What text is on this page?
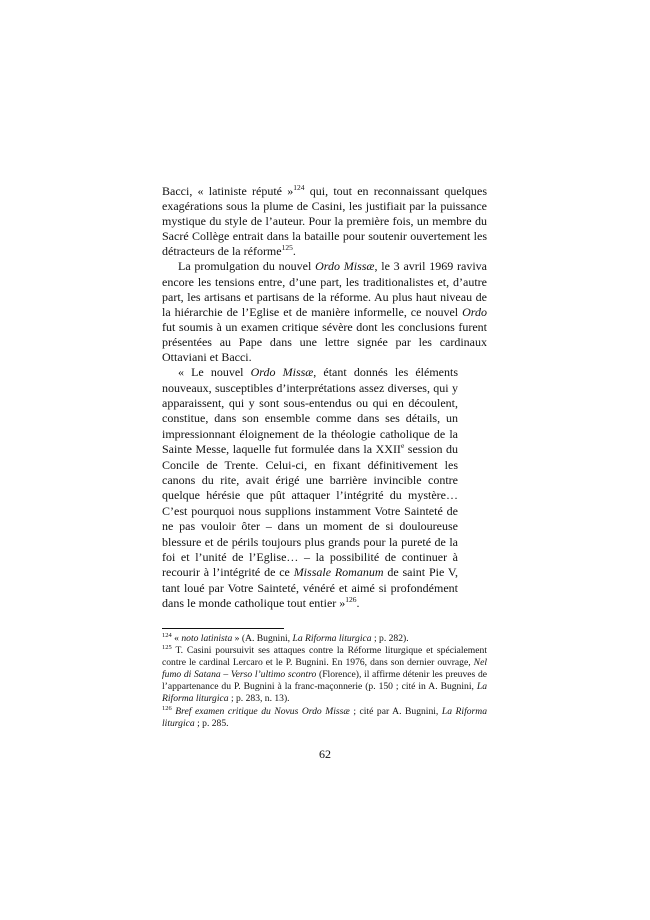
Bacci, « latiniste réputé »$^{124}$ qui, tout en reconnaissant quelques exagérations sous la plume de Casini, les justifiait par la puissance mystique du style de l’auteur. Pour la première fois, un membre du Sacré Collège entrait dans la bataille pour soutenir ouvertement les détracteurs de la réforme$^{125}$.

La promulgation du nouvel Ordo Missæ, le 3 avril 1969 raviva encore les tensions entre, d’une part, les traditionalistes et, d’autre part, les artisans et partisans de la réforme. Au plus haut niveau de la hiérarchie de l’Eglise et de manière informelle, ce nouvel Ordo fut soumis à un examen critique sévère dont les conclusions furent présentées au Pape dans une lettre signée par les cardinaux Ottaviani et Bacci.

« Le nouvel Ordo Missæ, étant donnés les éléments nouveaux, susceptibles d’interprétations assez diverses, qui y apparaissent, qui y sont sous-entendus ou qui en découlent, constitue, dans son ensemble comme dans ses détails, un impressionnant éloignement de la théologie catholique de la Sainte Messe, laquelle fut formulée dans la XXIIe session du Concile de Trente. Celui-ci, en fixant définitivement les canons du rite, avait érigé une barrière invincible contre quelque hérésie que pût attaquer l’intégrité du mystère… C’est pourquoi nous supplions instamment Votre Sainteté de ne pas vouloir ôter – dans un moment de si douloureuse blessure et de périls toujours plus grands pour la pureté de la foi et l’unité de l’Eglise… – la possibilité de continuer à recourir à l’intégrité de ce Missale Romanum de saint Pie V, tant loué par Votre Sainteté, vénéré et aimé si profondément dans le monde catholique tout entier »$^{126}$.

$^{124}$ « noto latinista » (A. Bugnini, La Riforma liturgica ; p. 282).

$^{125}$ T. Casini poursuivit ses attaques contre la Réforme liturgique et spécialement contre le cardinal Lercaro et le P. Bugnini. En 1976, dans son dernier ouvrage, Nel fumo di Satana – Verso l’ultimo scontro (Florence), il affirme détenir les preuves de l’appartenance du P. Bugnini à la franc-maçonnerie (p. 150 ; cité in A. Bugnini, La Riforma liturgica ; p. 283, n. 13).

$^{126}$ Bref examen critique du Novus Ordo Missæ ; cité par A. Bugnini, La Riforma liturgica ; p. 285.

62
